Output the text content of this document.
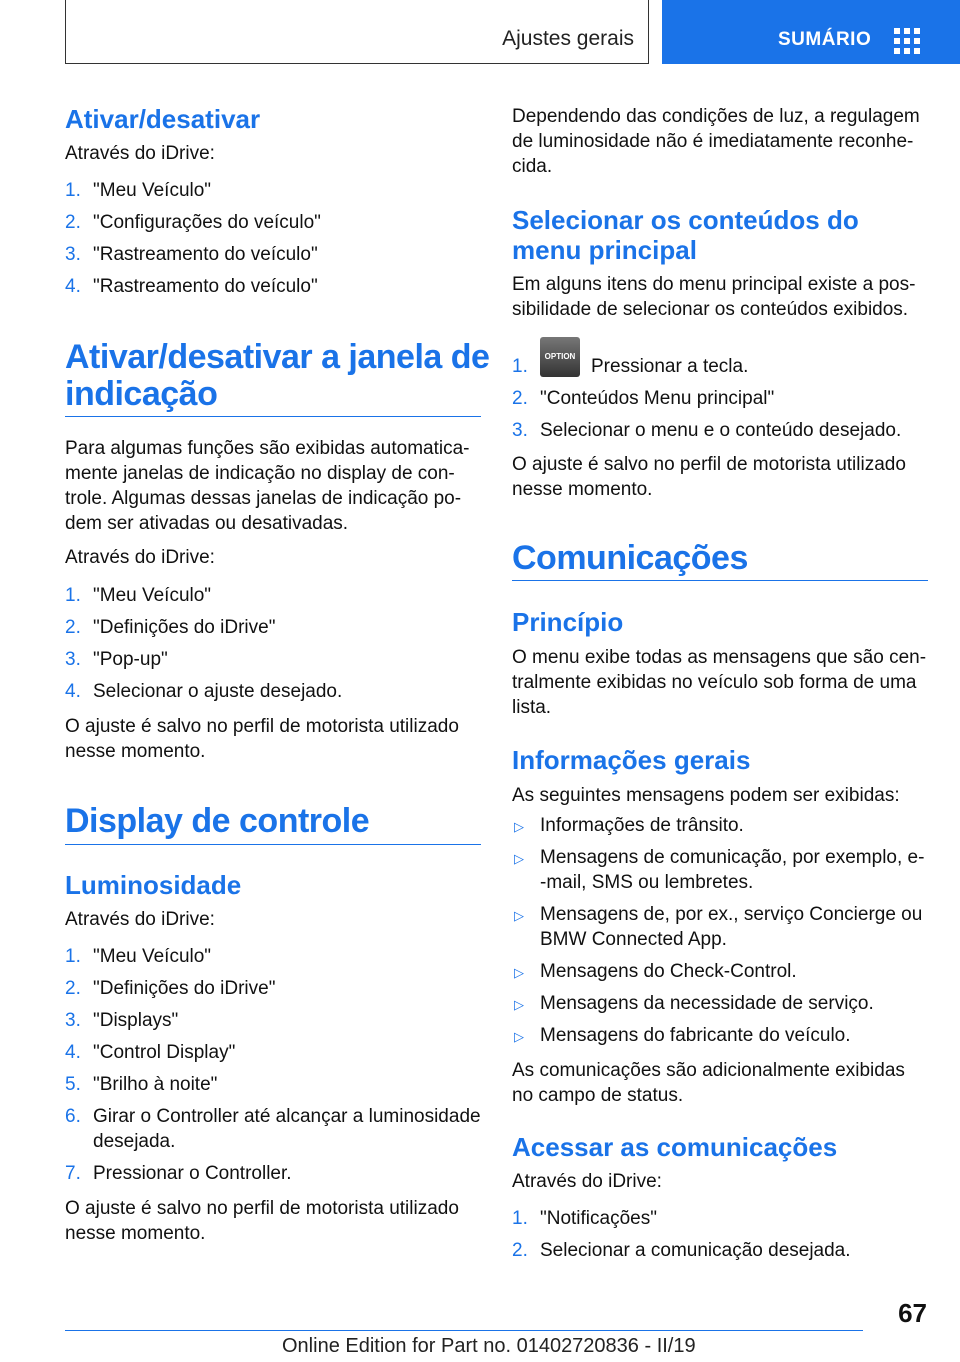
Ajustes gerais	SUMÁRIO
Ativar/desativar
Através do iDrive:
1. "Meu Veículo"
2. "Configurações do veículo"
3. "Rastreamento do veículo"
4. "Rastreamento do veículo"
Ativar/desativar a janela de
indicação
Para algumas funções são exibidas automatica-
mente janelas de indicação no display de con-
trole. Algumas dessas janelas de indicação po-
dem ser ativadas ou desativadas.
Através do iDrive:
1. "Meu Veículo"
2. "Definições do iDrive"
3. "Pop-up"
4. Selecionar o ajuste desejado.
O ajuste é salvo no perfil de motorista utilizado
nesse momento.
Display de controle
Luminosidade
Através do iDrive:
1. "Meu Veículo"
2. "Definições do iDrive"
3. "Displays"
4. "Control Display"
5. "Brilho à noite"
6. Girar o Controller até alcançar a luminosidade
desejada.
7. Pressionar o Controller.
O ajuste é salvo no perfil de motorista utilizado
nesse momento.
Dependendo das condições de luz, a regulagem
de luminosidade não é imediatamente reconhe-
cida.
Selecionar os conteúdos do
menu principal
Em alguns itens do menu principal existe a pos-
sibilidade de selecionar os conteúdos exibidos.
1.	OPTION Pressionar a tecla.
2. "Conteúdos Menu principal"
3. Selecionar o menu e o conteúdo desejado.
O ajuste é salvo no perfil de motorista utilizado
nesse momento.
Comunicações
Princípio
O menu exibe todas as mensagens que são cen-
tralmente exibidas no veículo sob forma de uma
lista.
Informações gerais
As seguintes mensagens podem ser exibidas:
▷ Informações de trânsito.
▷ Mensagens de comunicação, por exemplo, e-
-mail, SMS ou lembretes.
▷ Mensagens de, por ex., serviço Concierge ou
BMW Connected App.
▷ Mensagens do Check-Control.
▷ Mensagens da necessidade de serviço.
▷ Mensagens do fabricante do veículo.
As comunicações são adicionalmente exibidas
no campo de status.
Acessar as comunicações
Através do iDrive:
1. "Notificações"
2. Selecionar a comunicação desejada.
67
Online Edition for Part no. 01402720836 - II/19
